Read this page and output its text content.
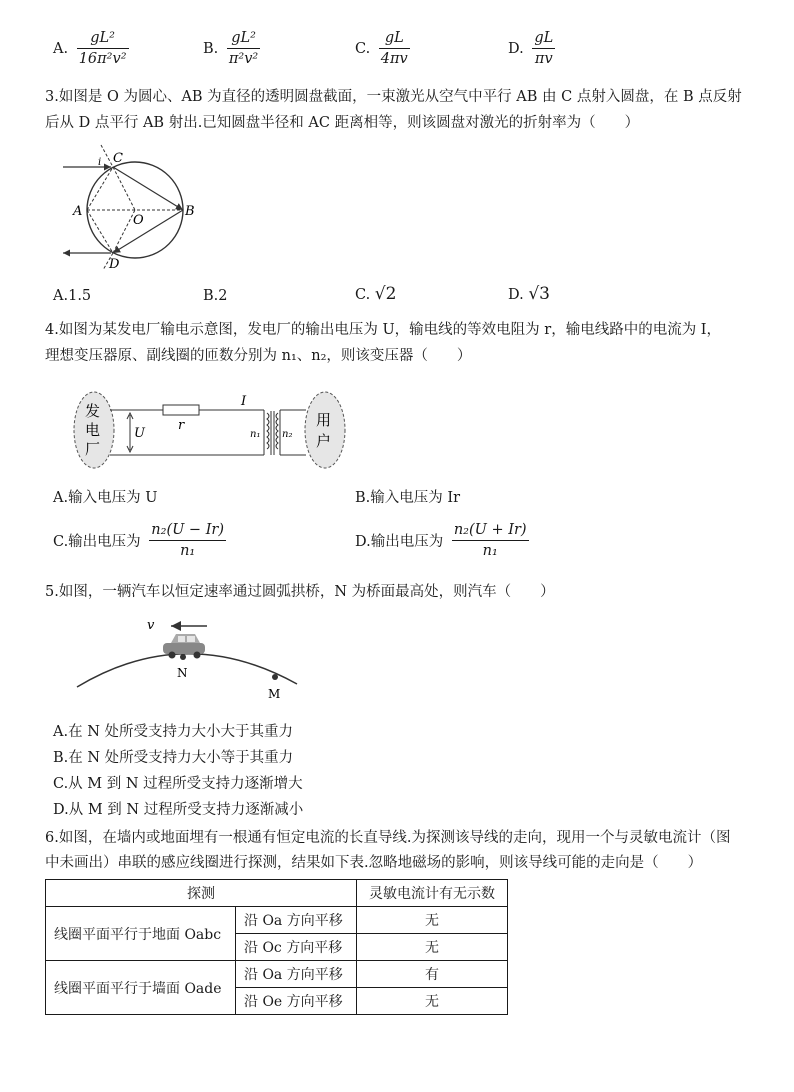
A. $\frac{\text{gL²}}{\text{16π²v²}}$	B. $\frac{\text{gL²}}{\text{π²v²}}$	C. $\frac{gL}{4\pi v}$	D. $\frac{gL}{\pi v}$
3.如图是 O 为圆心、AB 为直径的透明圆盘截面，一束激光从空气中平行 AB 由 C 点射入圆盘，在 B 点反射
后从 D 点平行 AB 射出.已知圆盘半径和 AC 距离相等，则该圆盘对激光的折射率为（　　）
C
i
A
O
B
D
A.1.5	B.2	C. √2	D. √3
4.如图为某发电厂输电示意图，发电厂的输出电压为 U，输电线的等效电阻为 r，输电线路中的电流为 I，
理想变压器原、副线圈的匝数分别为 n₁、n₂，则该变压器（　　）
发
电
厂
用
户
U
r
I
n₁ n₂
A.输入电压为 U	B.输入电压为 Ir
C.输出电压为 $\frac{\text{n₂(U − Ir)}}{\text{n₁}}$	D.输出电压为 $\frac{\text{n₂(U + Ir)}}{\text{n₁}}$
5.如图，一辆汽车以恒定速率通过圆弧拱桥，N 为桥面最高处，则汽车（　　）
v
N
M
A.在 N 处所受支持力大小大于其重力
B.在 N 处所受支持力大小等于其重力
C.从 M 到 N 过程所受支持力逐渐增大
D.从 M 到 N 过程所受支持力逐渐减小
6.如图，在墙内或地面埋有一根通有恒定电流的长直导线.为探测该导线的走向，现用一个与灵敏电流计（图
中未画出）串联的感应线圈进行探测，结果如下表.忽略地磁场的影响，则该导线可能的走向是（　　）
探测		灵敏电流计有无示数
线圈平面平行于地面 Oabc	沿 Oa 方向平移	无
	沿 Oc 方向平移	无
线圈平面平行于墙面 Oade	沿 Oa 方向平移	有
	沿 Oe 方向平移	无
